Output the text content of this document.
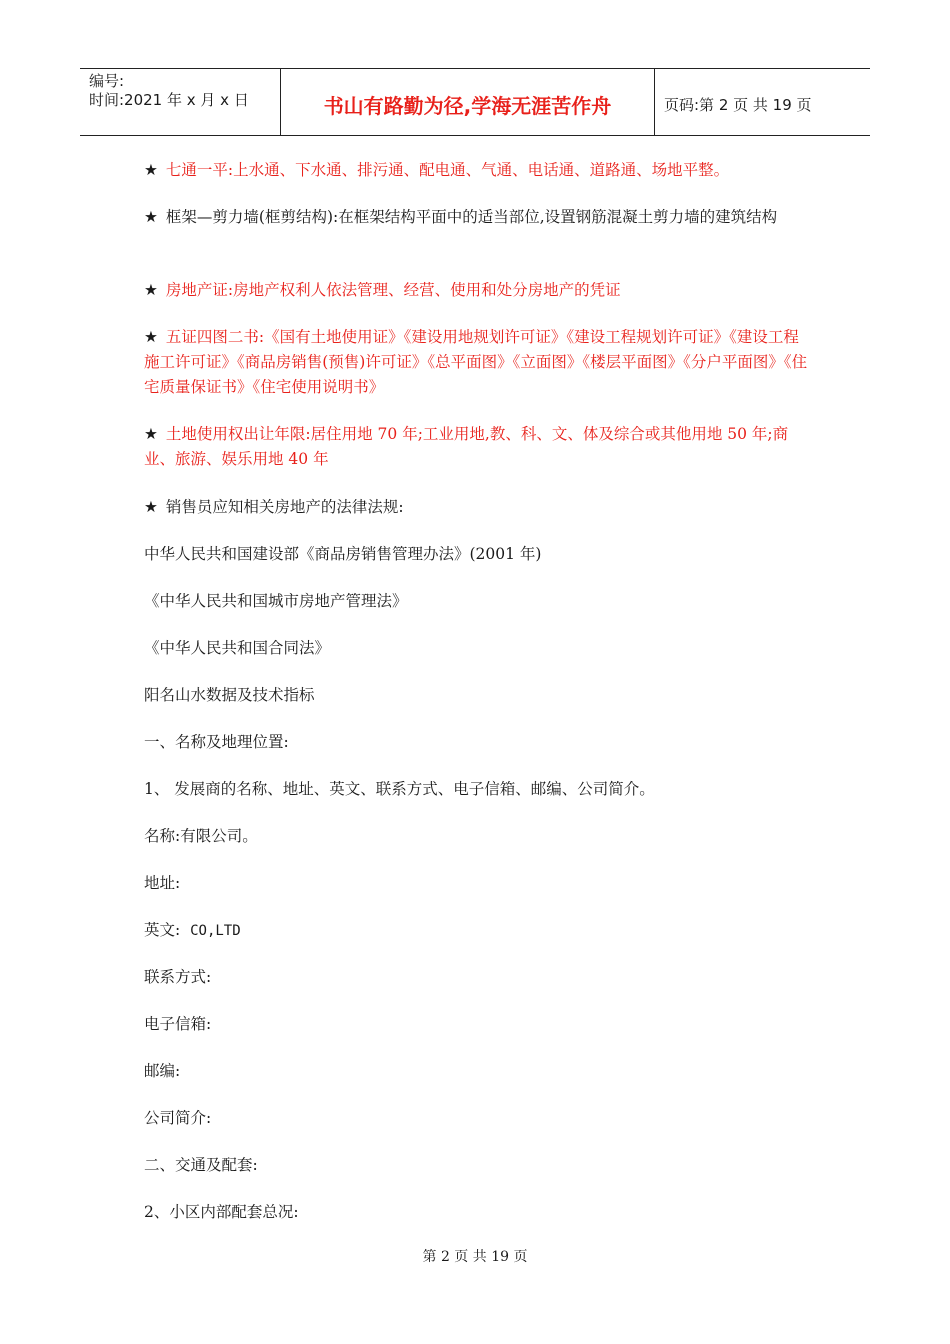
编号:
时间:2021 年 x 月 x 日	书山有路勤为径,学海无涯苦作舟	页码:第 2 页 共 19 页

★ 七通一平:上水通、下水通、排污通、配电通、气通、电话通、道路通、场地平整。

★ 框架—剪力墙(框剪结构):在框架结构平面中的适当部位,设置钢筋混凝土剪力墙的建筑结构

★ 房地产证:房地产权利人依法管理、经营、使用和处分房地产的凭证

★ 五证四图二书:《国有土地使用证》《建设用地规划许可证》《建设工程规划许可证》《建设工程施工许可证》《商品房销售(预售)许可证》《总平面图》《立面图》《楼层平面图》《分户平面图》《住宅质量保证书》《住宅使用说明书》

★ 土地使用权出让年限:居住用地 70 年;工业用地,教、科、文、体及综合或其他用地 50 年;商业、旅游、娱乐用地 40 年

★ 销售员应知相关房地产的法律法规:

中华人民共和国建设部《商品房销售管理办法》(2001 年)

《中华人民共和国城市房地产管理法》

《中华人民共和国合同法》

阳名山水数据及技术指标

一、名称及地理位置:

1、 发展商的名称、地址、英文、联系方式、电子信箱、邮编、公司简介。

名称:有限公司。

地址:

英文: CO,LTD

联系方式:

电子信箱:

邮编:

公司简介:

二、交通及配套:

2、小区内部配套总况:

第 2 页 共 19 页
